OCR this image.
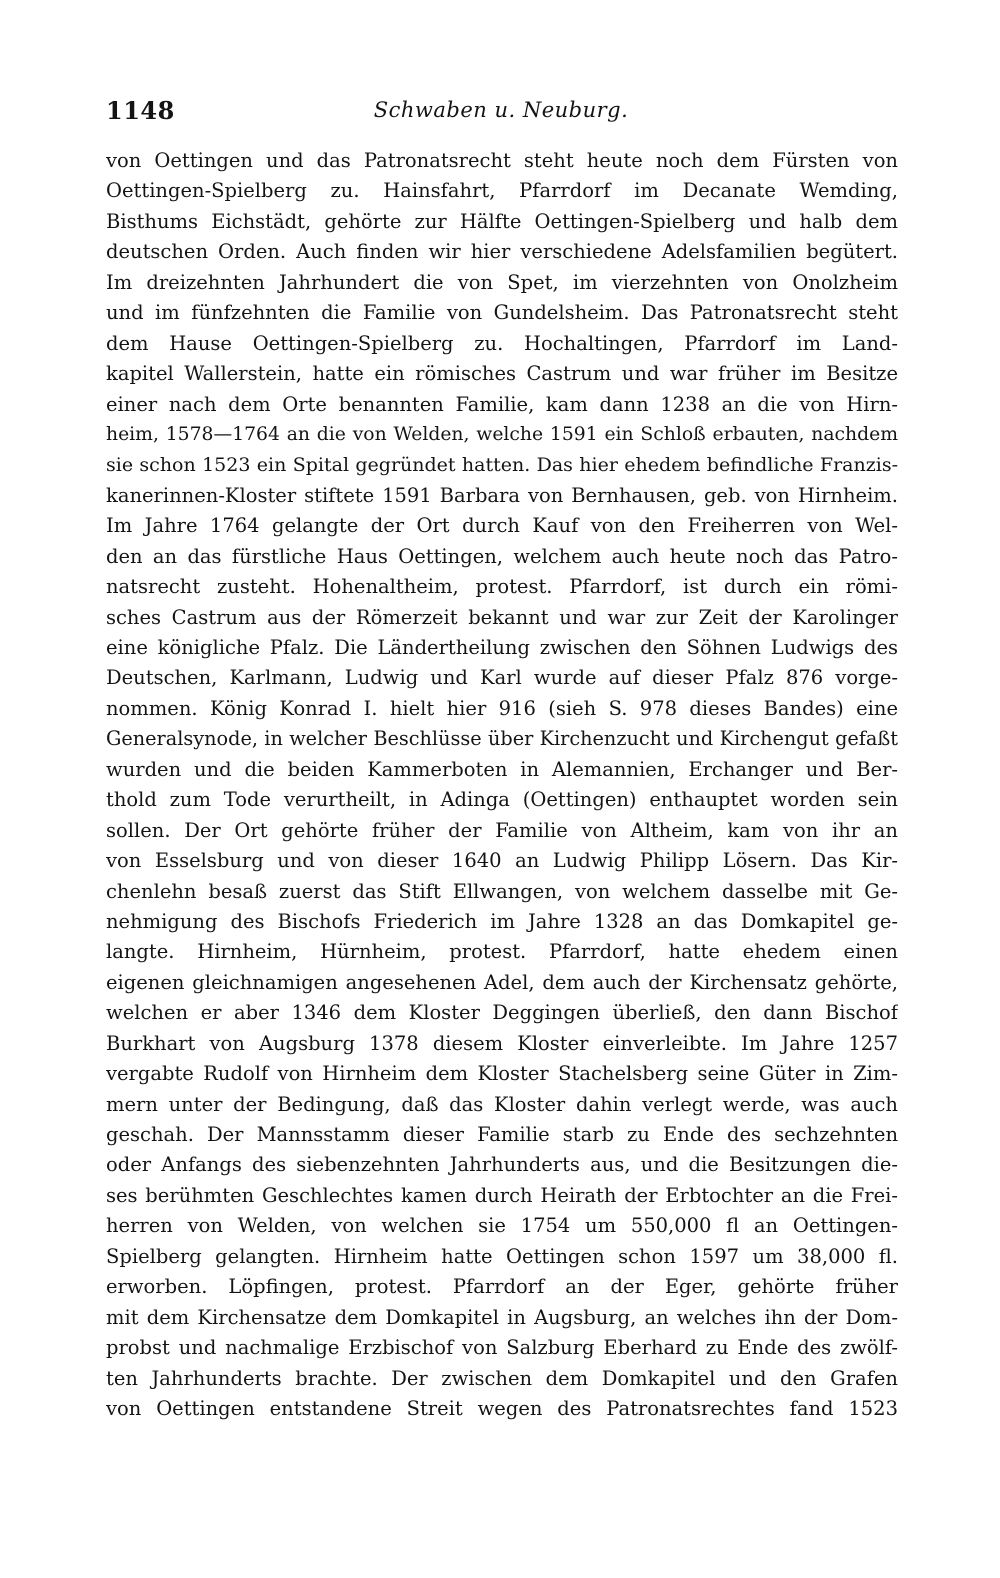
1148	Schwaben u. Neuburg.
von Oettingen und das Patronatsrecht steht heute noch dem Fürsten von
Oettingen-Spielberg zu. Hainsfahrt, Pfarrdorf im Decanate Wemding,
Bisthums Eichstädt, gehörte zur Hälfte Oettingen-Spielberg und halb dem
deutschen Orden. Auch finden wir hier verschiedene Adelsfamilien begütert.
Im dreizehnten Jahrhundert die von Spet, im vierzehnten von Onolzheim
und im fünfzehnten die Familie von Gundelsheim. Das Patronatsrecht steht
dem Hause Oettingen-Spielberg zu. Hochaltingen, Pfarrdorf im Land-
kapitel Wallerstein, hatte ein römisches Castrum und war früher im Besitze
einer nach dem Orte benannten Familie, kam dann 1238 an die von Hirn-
heim, 1578—1764 an die von Welden, welche 1591 ein Schloß erbauten, nachdem
sie schon 1523 ein Spital gegründet hatten. Das hier ehedem befindliche Franzis-
kanerinnen-Kloster stiftete 1591 Barbara von Bernhausen, geb. von Hirnheim.
Im Jahre 1764 gelangte der Ort durch Kauf von den Freiherren von Wel-
den an das fürstliche Haus Oettingen, welchem auch heute noch das Patro-
natsrecht zusteht. Hohenaltheim, protest. Pfarrdorf, ist durch ein römi-
sches Castrum aus der Römerzeit bekannt und war zur Zeit der Karolinger
eine königliche Pfalz. Die Ländertheilung zwischen den Söhnen Ludwigs des
Deutschen, Karlmann, Ludwig und Karl wurde auf dieser Pfalz 876 vorge-
nommen. König Konrad I. hielt hier 916 (sieh S. 978 dieses Bandes) eine
Generalsynode, in welcher Beschlüsse über Kirchenzucht und Kirchengut gefaßt
wurden und die beiden Kammerboten in Alemannien, Erchanger und Ber-
thold zum Tode verurtheilt, in Adinga (Oettingen) enthauptet worden sein
sollen. Der Ort gehörte früher der Familie von Altheim, kam von ihr an
von Esselsburg und von dieser 1640 an Ludwig Philipp Lösern. Das Kir-
chenlehn besaß zuerst das Stift Ellwangen, von welchem dasselbe mit Ge-
nehmigung des Bischofs Friederich im Jahre 1328 an das Domkapitel ge-
langte. Hirnheim, Hürnheim, protest. Pfarrdorf, hatte ehedem einen
eigenen gleichnamigen angesehenen Adel, dem auch der Kirchensatz gehörte,
welchen er aber 1346 dem Kloster Deggingen überließ, den dann Bischof
Burkhart von Augsburg 1378 diesem Kloster einverleibte. Im Jahre 1257
vergabte Rudolf von Hirnheim dem Kloster Stachelsberg seine Güter in Zim-
mern unter der Bedingung, daß das Kloster dahin verlegt werde, was auch
geschah. Der Mannsstamm dieser Familie starb zu Ende des sechzehnten
oder Anfangs des siebenzehnten Jahrhunderts aus, und die Besitzungen die-
ses berühmten Geschlechtes kamen durch Heirath der Erbtochter an die Frei-
herren von Welden, von welchen sie 1754 um 550,000 fl an Oettingen-
Spielberg gelangten. Hirnheim hatte Oettingen schon 1597 um 38,000 fl.
erworben. Löpfingen, protest. Pfarrdorf an der Eger, gehörte früher
mit dem Kirchensatze dem Domkapitel in Augsburg, an welches ihn der Dom-
probst und nachmalige Erzbischof von Salzburg Eberhard zu Ende des zwölf-
ten Jahrhunderts brachte. Der zwischen dem Domkapitel und den Grafen
von Oettingen entstandene Streit wegen des Patronatsrechtes fand 1523
